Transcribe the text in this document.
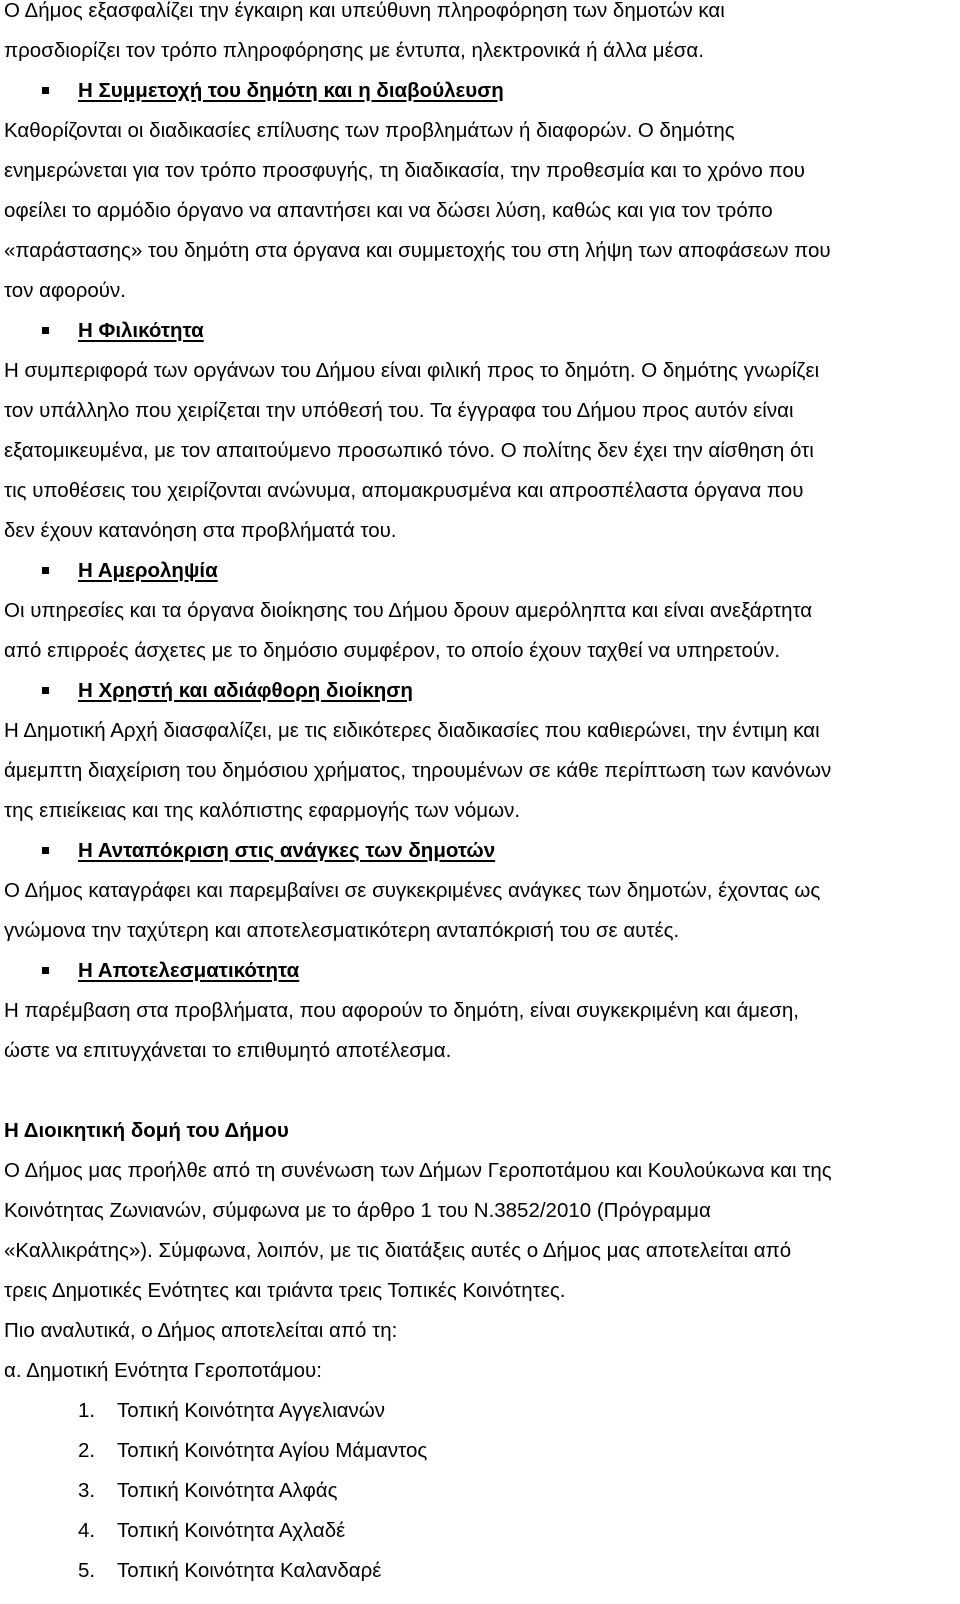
Ο Δήμος εξασφαλίζει την έγκαιρη και υπεύθυνη πληροφόρηση των δημοτών και

προσδιορίζει τον τρόπο πληροφόρησης με έντυπα, ηλεκτρονικά ή άλλα μέσα.

Η Συμμετοχή του δημότη και η διαβούλευση

Καθορίζονται οι διαδικασίες επίλυσης των προβλημάτων ή διαφορών. Ο δημότης

ενημερώνεται για τον τρόπο προσφυγής, τη διαδικασία, την προθεσμία και το χρόνο που

οφείλει το αρμόδιο όργανο να απαντήσει και να δώσει λύση, καθώς και για τον τρόπο

«παράστασης» του δημότη στα όργανα και συμμετοχής του στη λήψη των αποφάσεων που

τον αφορούν.

Η Φιλικότητα

Η συμπεριφορά των οργάνων του Δήμου είναι φιλική προς το δημότη. Ο δημότης γνωρίζει

τον υπάλληλο που χειρίζεται την υπόθεσή του. Τα έγγραφα του Δήμου προς αυτόν είναι

εξατομικευμένα, με τον απαιτούμενο προσωπικό τόνο. Ο πολίτης δεν έχει την αίσθηση ότι

τις υποθέσεις του χειρίζονται ανώνυμα, απομακρυσμένα και απροσπέλαστα όργανα που

δεν έχουν κατανόηση στα προβλήματά του.

Η Αμεροληψία

Οι υπηρεσίες και τα όργανα διοίκησης του Δήμου δρουν αμερόληπτα και είναι ανεξάρτητα

από επιρροές άσχετες με το δημόσιο συμφέρον, το οποίο έχουν ταχθεί να υπηρετούν.

Η Χρηστή και αδιάφθορη διοίκηση

Η Δημοτική Αρχή διασφαλίζει, με τις ειδικότερες διαδικασίες που καθιερώνει, την έντιμη και

άμεμπτη διαχείριση του δημόσιου χρήματος, τηρουμένων σε κάθε περίπτωση των κανόνων

της επιείκειας και της καλόπιστης εφαρμογής των νόμων.

Η Ανταπόκριση στις ανάγκες των δημοτών

Ο Δήμος καταγράφει και παρεμβαίνει σε συγκεκριμένες ανάγκες των δημοτών, έχοντας ως

γνώμονα την ταχύτερη και αποτελεσματικότερη ανταπόκρισή του σε αυτές.

Η Αποτελεσματικότητα

Η παρέμβαση στα προβλήματα, που αφορούν το δημότη, είναι συγκεκριμένη και άμεση,

ώστε να επιτυγχάνεται το επιθυμητό αποτέλεσμα.

Η Διοικητική δομή του Δήμου

Ο Δήμος μας προήλθε από τη συνένωση των Δήμων Γεροποτάμου και Κουλούκωνα και της

Κοινότητας Ζωνιανών, σύμφωνα με το άρθρο 1 του Ν.3852/2010 (Πρόγραμμα

«Καλλικράτης»). Σύμφωνα, λοιπόν, με τις διατάξεις αυτές ο Δήμος μας αποτελείται από

τρεις Δημοτικές Ενότητες και τριάντα τρεις Τοπικές Κοινότητες.

Πιο αναλυτικά, ο Δήμος αποτελείται από τη:

α. Δημοτική Ενότητα Γεροποτάμου:

1. Τοπική Κοινότητα Αγγελιανών
2. Τοπική Κοινότητα Αγίου Μάμαντος
3. Τοπική Κοινότητα Αλφάς
4. Τοπική Κοινότητα Αχλαδέ
5. Τοπική Κοινότητα Καλανδαρέ
